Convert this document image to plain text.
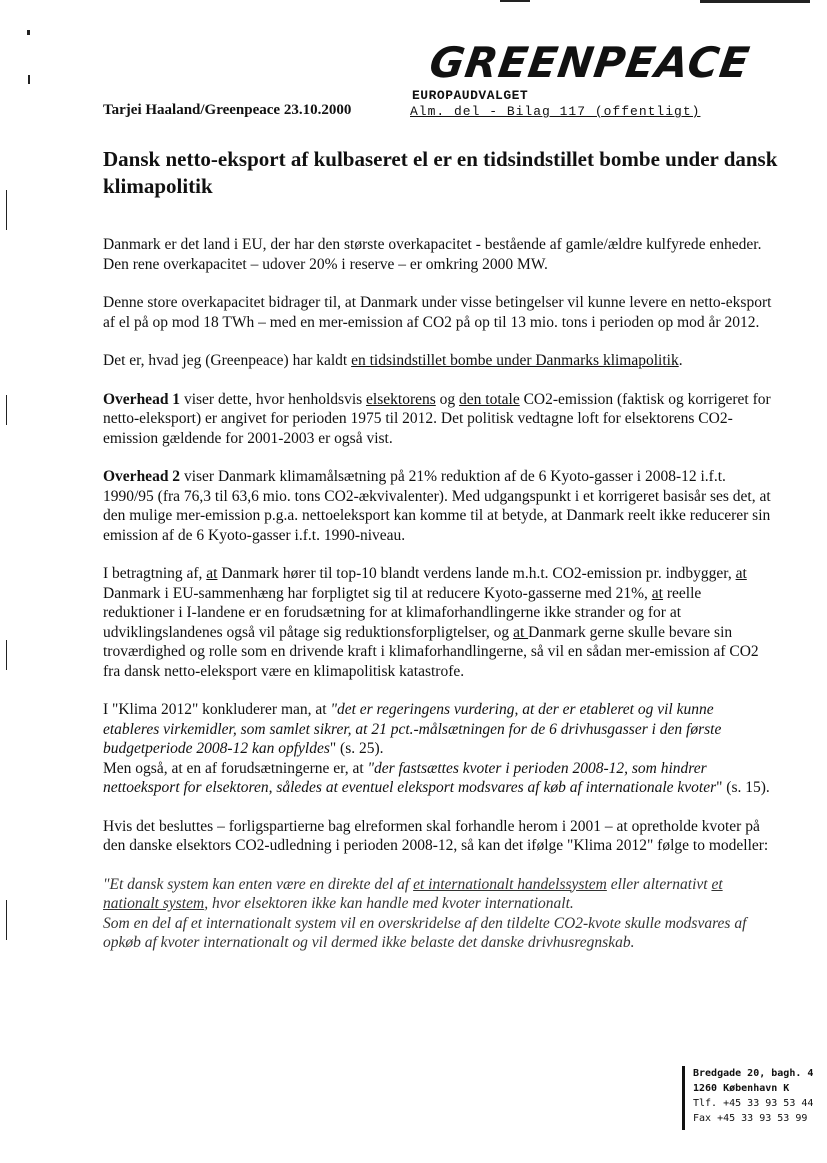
GREENPEACE
EUROPAUDVALGET
Alm. del - Bilag 117 (offentligt)
Tarjei Haaland/Greenpeace 23.10.2000
Dansk netto-eksport af kulbaseret el er en tidsindstillet bombe under dansk klimapolitik

Danmark er det land i EU, der har den største overkapacitet - bestående af gamle/ældre kulfyrede enheder. Den rene overkapacitet – udover 20% i reserve – er omkring 2000 MW.

Denne store overkapacitet bidrager til, at Danmark under visse betingelser vil kunne levere en netto-eksport af el på op mod 18 TWh – med en mer-emission af CO2 på op til 13 mio. tons i perioden op mod år 2012.

Det er, hvad jeg (Greenpeace) har kaldt en tidsindstillet bombe under Danmarks klimapolitik.

Overhead 1 viser dette, hvor henholdsvis elsektorens og den totale CO2-emission (faktisk og korrigeret for netto-eleksport) er angivet for perioden 1975 til 2012. Det politisk vedtagne loft for elsektorens CO2-emission gældende for 2001-2003 er også vist.

Overhead 2 viser Danmark klimamålsætning på 21% reduktion af de 6 Kyoto-gasser i 2008-12 i.f.t. 1990/95 (fra 76,3 til 63,6 mio. tons CO2-ækvivalenter). Med udgangspunkt i et korrigeret basisår ses det, at den mulige mer-emission p.g.a. nettoeleksport kan komme til at betyde, at Danmark reelt ikke reducerer sin emission af de 6 Kyoto-gasser i.f.t. 1990-niveau.

I betragtning af, at Danmark hører til top-10 blandt verdens lande m.h.t. CO2-emission pr. indbygger, at Danmark i EU-sammenhæng har forpligtet sig til at reducere Kyoto-gasserne med 21%, at reelle reduktioner i I-landene er en forudsætning for at klimaforhandlingerne ikke strander og for at udviklingslandenes også vil påtage sig reduktionsforpligtelser, og at Danmark gerne skulle bevare sin troværdighed og rolle som en drivende kraft i klimaforhandlingerne, så vil en sådan mer-emission af CO2 fra dansk netto-eleksport være en klimapolitisk katastrofe.

I "Klima 2012" konkluderer man, at "det er regeringens vurdering, at der er etableret og vil kunne etableres virkemidler, som samlet sikrer, at 21 pct.-målsætningen for de 6 drivhusgasser i den første budgetperiode 2008-12 kan opfyldes" (s. 25).

Men også, at en af forudsætningerne er, at "der fastsættes kvoter i perioden 2008-12, som hindrer nettoeksport for elsektoren, således at eventuel eleksport modsvares af køb af internationale kvoter" (s. 15).

Hvis det besluttes – forligspartierne bag elreformen skal forhandle herom i 2001 – at opretholde kvoter på den danske elsektors CO2-udledning i perioden 2008-12, så kan det ifølge "Klima 2012" følge to modeller:

"Et dansk system kan enten være en direkte del af et internationalt handelssystem eller alternativt et nationalt system, hvor elsektoren ikke kan handle med kvoter internationalt.

Som en del af et internationalt system vil en overskridelse af den tildelte CO2-kvote skulle modsvares af opkøb af kvoter internationalt og vil dermed ikke belaste det danske drivhusregnskab.

Bredgade 20, bagh. 4
1260 København K
Tlf. +45 33 93 53 44
Fax +45 33 93 53 99
